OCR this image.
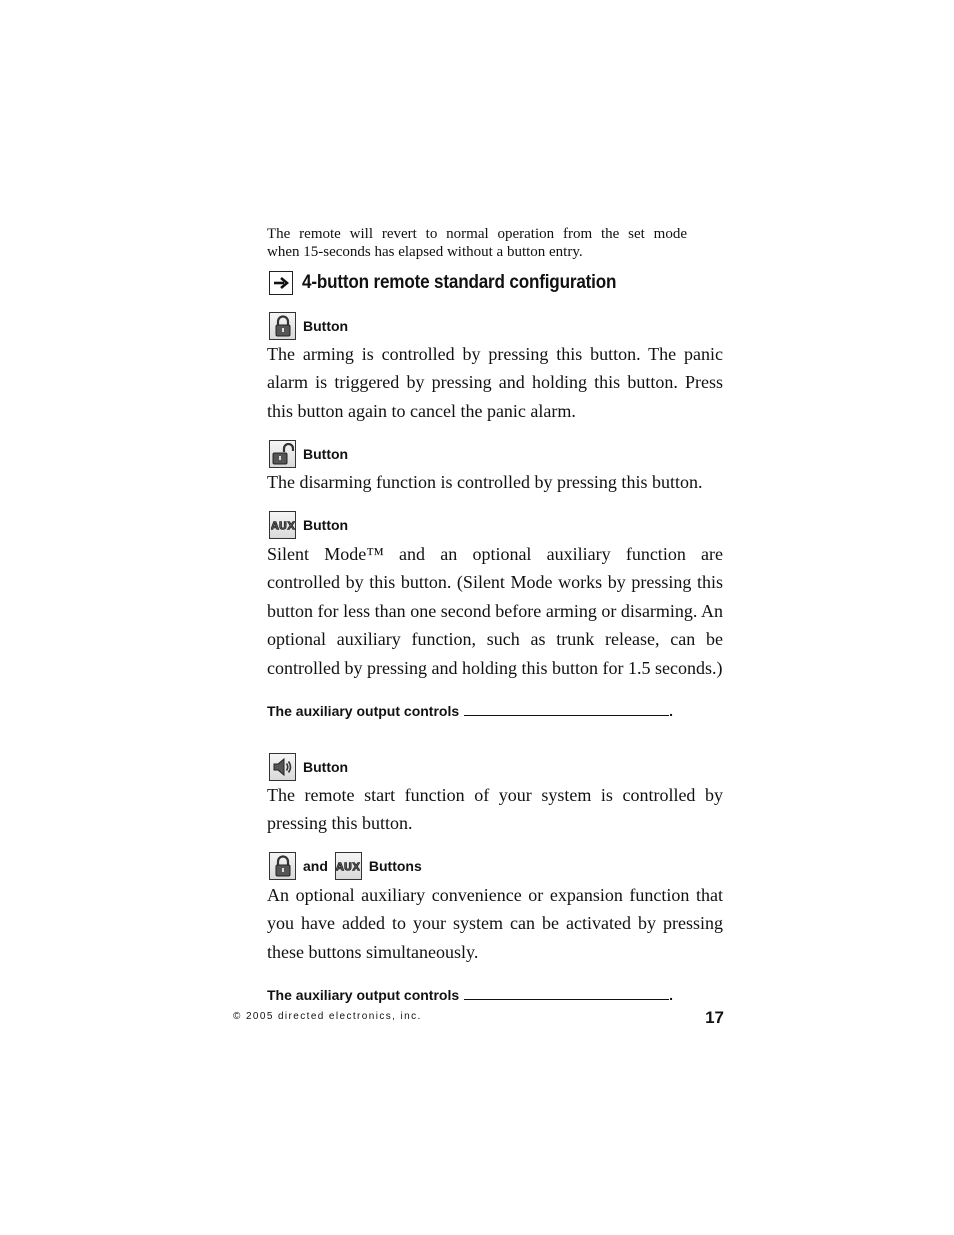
The remote will revert to normal operation from the set mode
when 15-seconds has elapsed without a button entry.
4-button remote standard configuration
Button
The arming is controlled by pressing this button. The panic alarm is triggered by pressing and holding this button. Press this button again to cancel the panic alarm.
Button
The disarming function is controlled by pressing this button.
AUX Button
Silent Mode™ and an optional auxiliary function are controlled by this button. (Silent Mode works by pressing this button for less than one second before arming or disarming. An optional auxiliary function, such as trunk release, can be controlled by pressing and holding this button for 1.5 seconds.)
The auxiliary output controls	.
Button
The remote start function of your system is controlled by pressing this button.
and AUX Buttons
An optional auxiliary convenience or expansion function that you have added to your system can be activated by pressing these buttons simultaneously.
The auxiliary output controls	.
© 2005 directed electronics, inc.	17
